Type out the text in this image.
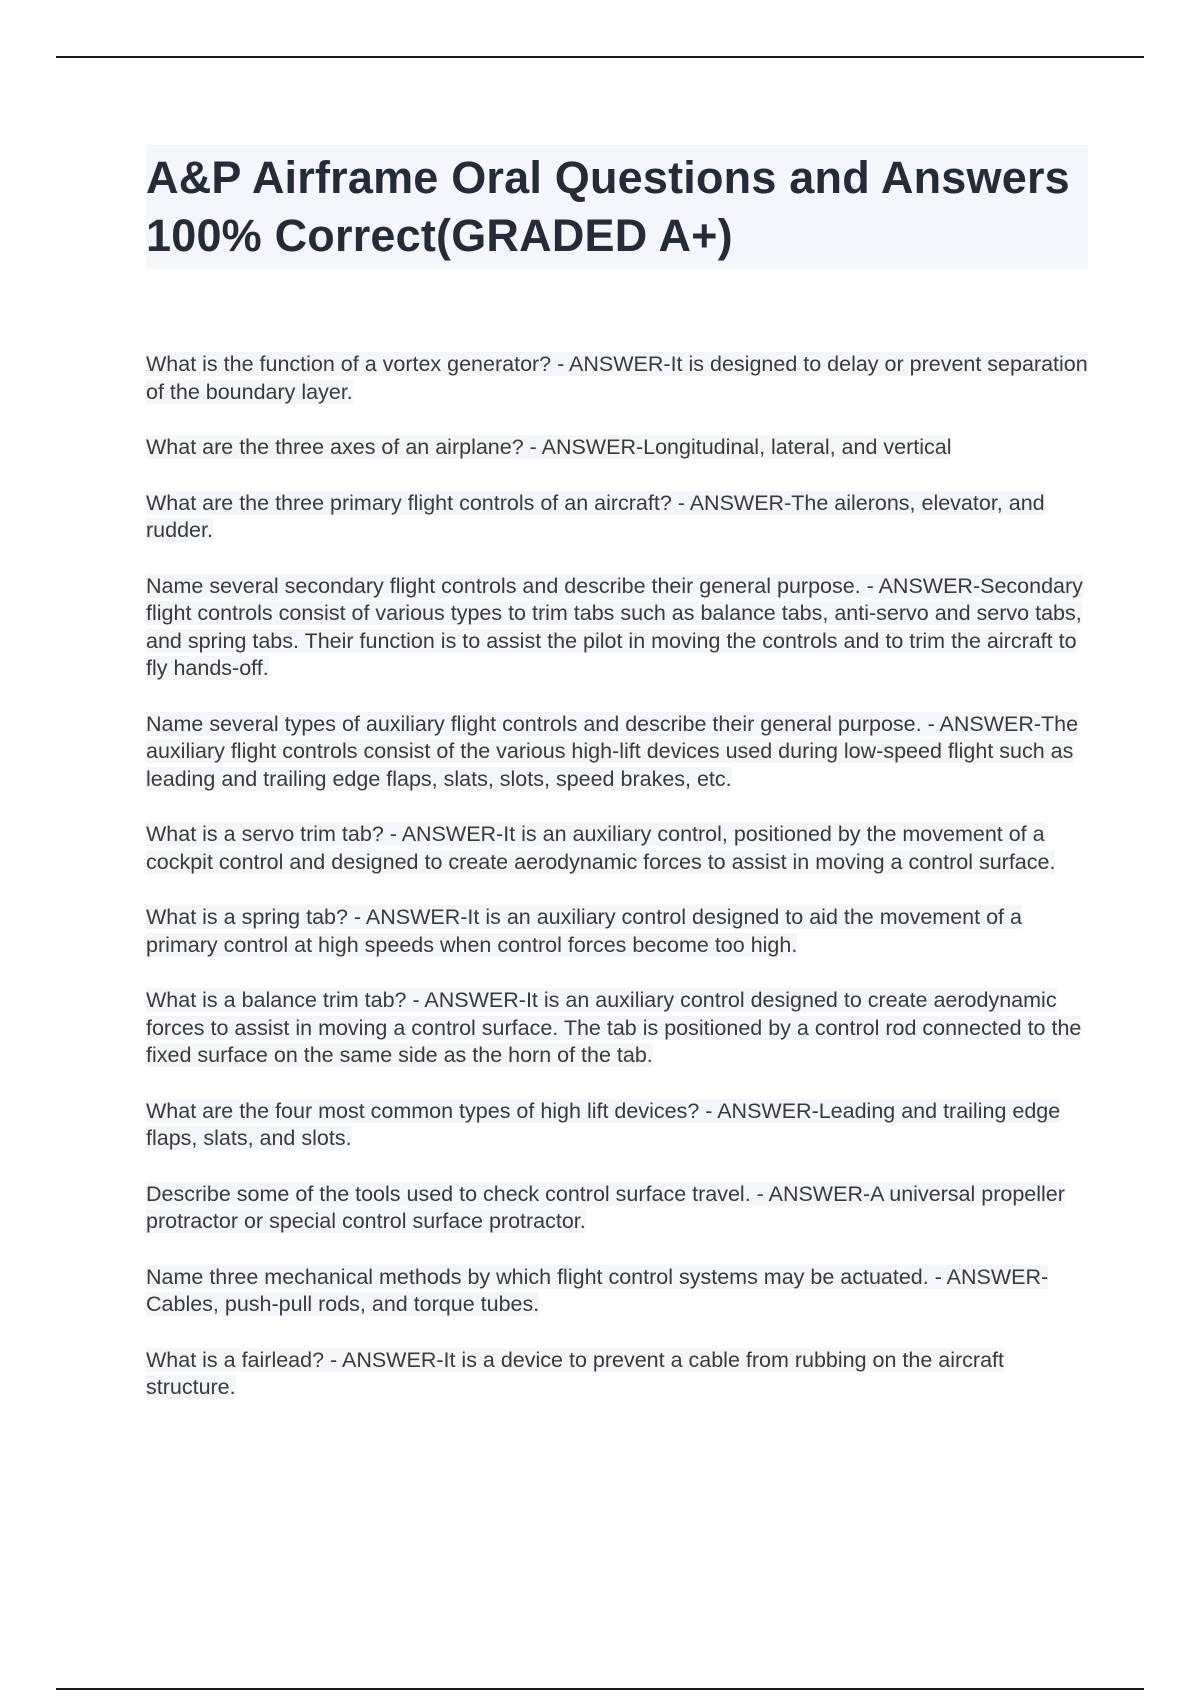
A&P Airframe Oral Questions and Answers 100% Correct(GRADED A+)

What is the function of a vortex generator? - ANSWER-It is designed to delay or prevent separation of the boundary layer.

What are the three axes of an airplane? - ANSWER-Longitudinal, lateral, and vertical

What are the three primary flight controls of an aircraft? - ANSWER-The ailerons, elevator, and rudder.

Name several secondary flight controls and describe their general purpose. - ANSWER-Secondary flight controls consist of various types to trim tabs such as balance tabs, anti-servo and servo tabs, and spring tabs. Their function is to assist the pilot in moving the controls and to trim the aircraft to fly hands-off.

Name several types of auxiliary flight controls and describe their general purpose. - ANSWER-The auxiliary flight controls consist of the various high-lift devices used during low-speed flight such as leading and trailing edge flaps, slats, slots, speed brakes, etc.

What is a servo trim tab? - ANSWER-It is an auxiliary control, positioned by the movement of a cockpit control and designed to create aerodynamic forces to assist in moving a control surface.

What is a spring tab? - ANSWER-It is an auxiliary control designed to aid the movement of a primary control at high speeds when control forces become too high.

What is a balance trim tab? - ANSWER-It is an auxiliary control designed to create aerodynamic forces to assist in moving a control surface. The tab is positioned by a control rod connected to the fixed surface on the same side as the horn of the tab.

What are the four most common types of high lift devices? - ANSWER-Leading and trailing edge flaps, slats, and slots.

Describe some of the tools used to check control surface travel. - ANSWER-A universal propeller protractor or special control surface protractor.

Name three mechanical methods by which flight control systems may be actuated. - ANSWER-Cables, push-pull rods, and torque tubes.

What is a fairlead? - ANSWER-It is a device to prevent a cable from rubbing on the aircraft structure.
